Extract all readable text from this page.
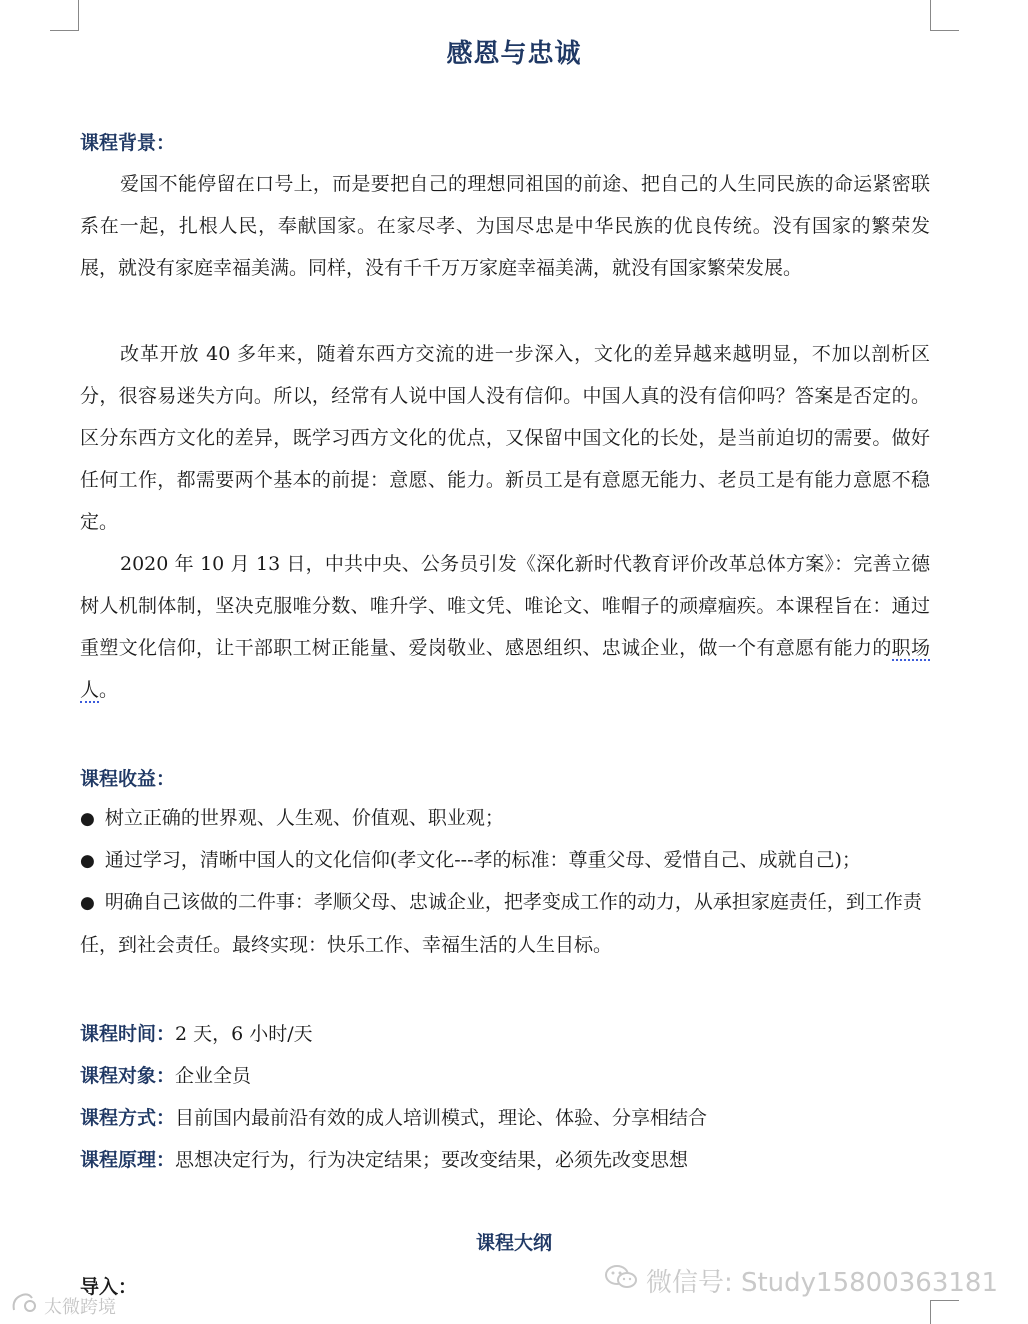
感恩与忠诚
课程背景：
爱国不能停留在口号上，而是要把自己的理想同祖国的前途、把自己的人生同民族的命运紧密联系在一起，扎根人民，奉献国家。在家尽孝、为国尽忠是中华民族的优良传统。没有国家的繁荣发展，就没有家庭幸福美满。同样，没有千千万万家庭幸福美满，就没有国家繁荣发展。
改革开放 40 多年来，随着东西方交流的进一步深入，文化的差异越来越明显，不加以剖析区分，很容易迷失方向。所以，经常有人说中国人没有信仰。中国人真的没有信仰吗？答案是否定的。区分东西方文化的差异，既学习西方文化的优点，又保留中国文化的长处，是当前迫切的需要。做好任何工作，都需要两个基本的前提：意愿、能力。新员工是有意愿无能力、老员工是有能力意愿不稳定。
2020 年 10 月 13 日，中共中央、公务员引发《深化新时代教育评价改革总体方案》：完善立德树人机制体制，坚决克服唯分数、唯升学、唯文凭、唯论文、唯帽子的顽瘴痼疾。本课程旨在：通过重塑文化信仰，让干部职工树正能量、爱岗敬业、感恩组织、忠诚企业，做一个有意愿有能力的职场人。
课程收益：
● 树立正确的世界观、人生观、价值观、职业观；
● 通过学习，清晰中国人的文化信仰(孝文化---孝的标准：尊重父母、爱惜自己、成就自己)；
● 明确自己该做的二件事：孝顺父母、忠诚企业，把孝变成工作的动力，从承担家庭责任，到工作责任，到社会责任。最终实现：快乐工作、幸福生活的人生目标。
课程时间：2 天，6 小时/天
课程对象：企业全员
课程方式：目前国内最前沿有效的成人培训模式，理论、体验、分享相结合
课程原理：思想决定行为，行为决定结果；要改变结果，必须先改变思想
课程大纲
导入：	微信号: Study15800363181
太微跨境
